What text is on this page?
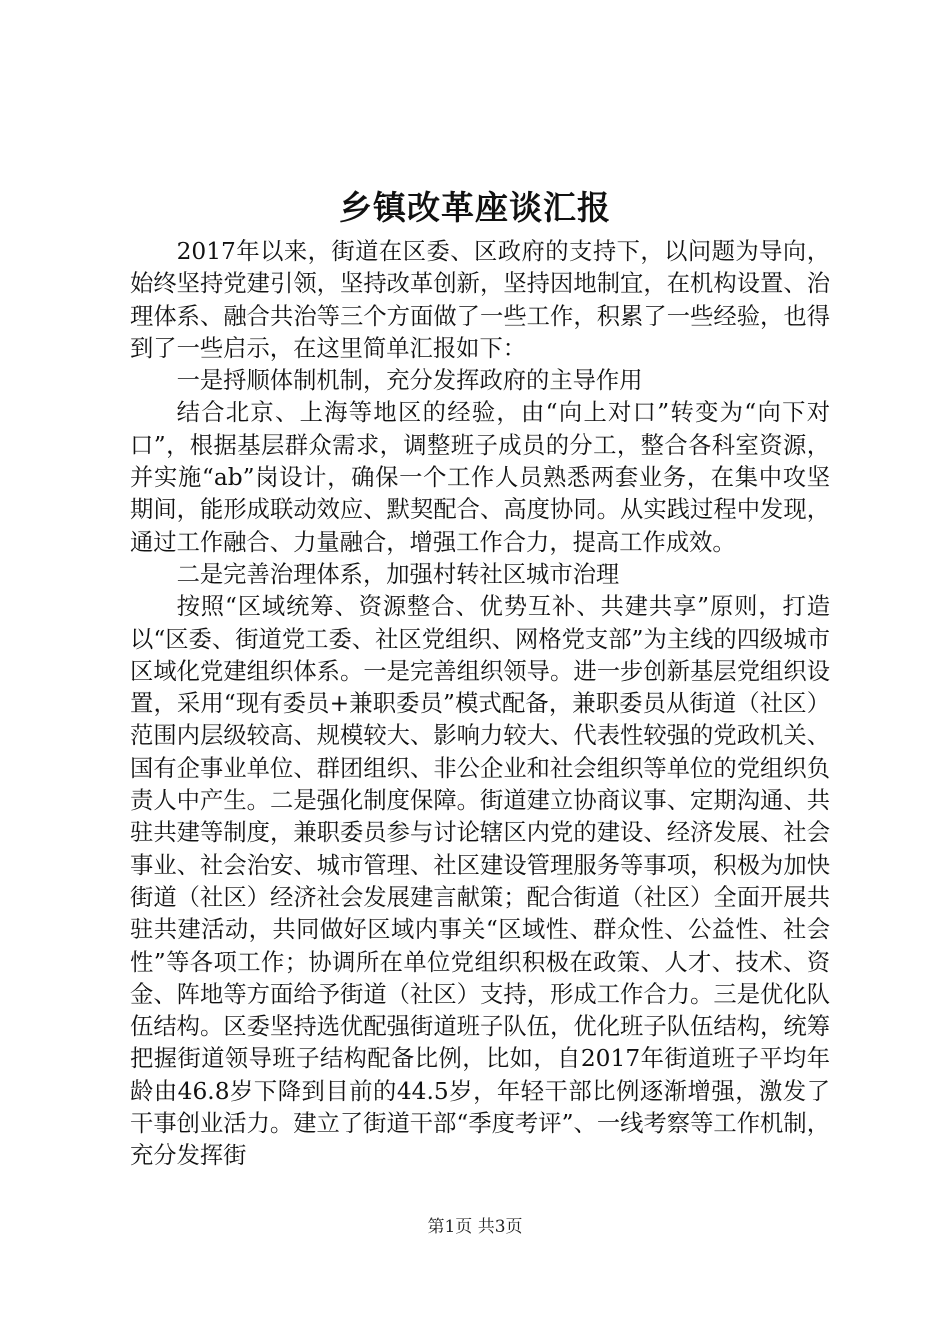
乡镇改革座谈汇报

2017年以来，街道在区委、区政府的支持下，以问题为导向，始终坚持党建引领，坚持改革创新，坚持因地制宜，在机构设置、治理体系、融合共治等三个方面做了一些工作，积累了一些经验，也得到了一些启示，在这里简单汇报如下：

一是捋顺体制机制，充分发挥政府的主导作用

结合北京、上海等地区的经验，由“向上对口”转变为“向下对口”，根据基层群众需求，调整班子成员的分工，整合各科室资源，并实施“ab”岗设计，确保一个工作人员熟悉两套业务，在集中攻坚期间，能形成联动效应、默契配合、高度协同。从实践过程中发现，通过工作融合、力量融合，增强工作合力，提高工作成效。

二是完善治理体系，加强村转社区城市治理

按照“区域统筹、资源整合、优势互补、共建共享”原则，打造以“区委、街道党工委、社区党组织、网格党支部”为主线的四级城市区域化党建组织体系。一是完善组织领导。进一步创新基层党组织设置，采用“现有委员+兼职委员”模式配备，兼职委员从街道（社区）范围内层级较高、规模较大、影响力较大、代表性较强的党政机关、国有企事业单位、群团组织、非公企业和社会组织等单位的党组织负责人中产生。二是强化制度保障。街道建立协商议事、定期沟通、共驻共建等制度，兼职委员参与讨论辖区内党的建设、经济发展、社会事业、社会治安、城市管理、社区建设管理服务等事项，积极为加快街道（社区）经济社会发展建言献策；配合街道（社区）全面开展共驻共建活动，共同做好区域内事关“区域性、群众性、公益性、社会性”等各项工作；协调所在单位党组织积极在政策、人才、技术、资金、阵地等方面给予街道（社区）支持，形成工作合力。三是优化队伍结构。区委坚持选优配强街道班子队伍，优化班子队伍结构，统筹把握街道领导班子结构配备比例，比如，自2017年街道班子平均年龄由46.8岁下降到目前的44.5岁，年轻干部比例逐渐增强，激发了干事创业活力。建立了街道干部“季度考评”、一线考察等工作机制，充分发挥街

第1页 共3页
